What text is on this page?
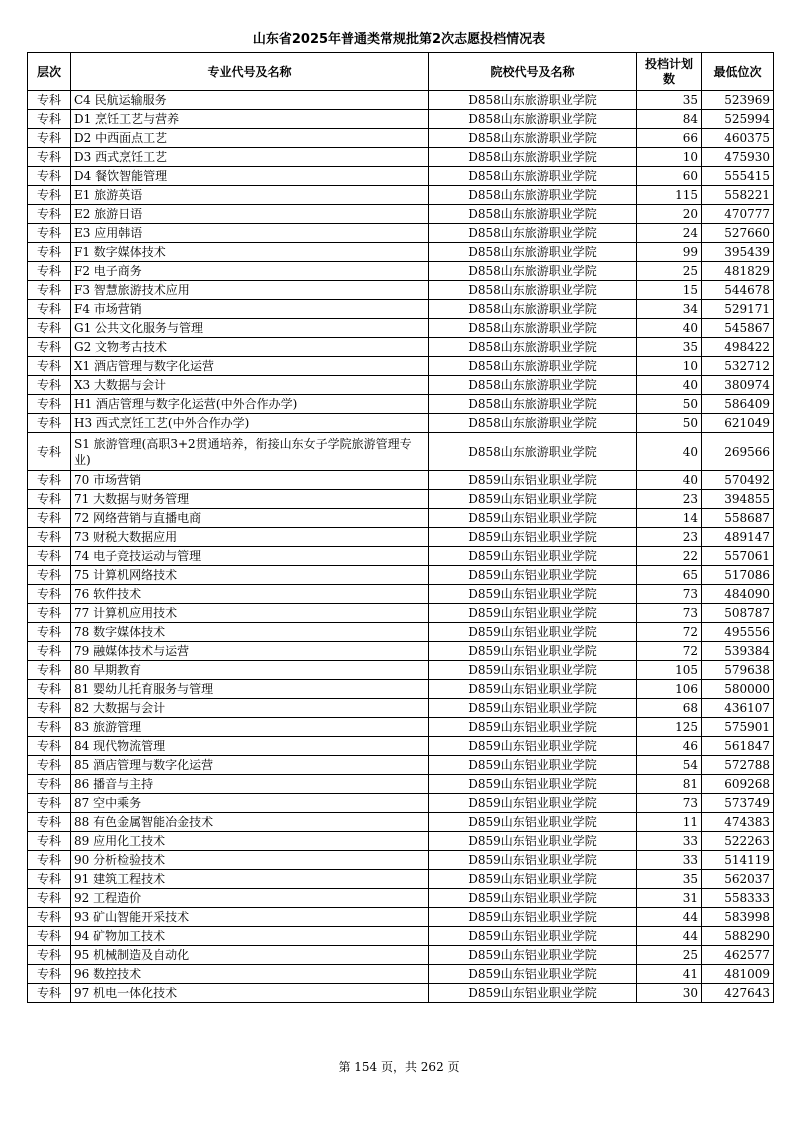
山东省2025年普通类常规批第2次志愿投档情况表
层次	专业代号及名称	院校代号及名称	投档计划数	最低位次
专科	C4 民航运输服务	D858山东旅游职业学院	35	523969
专科	D1 烹饪工艺与营养	D858山东旅游职业学院	84	525994
专科	D2 中西面点工艺	D858山东旅游职业学院	66	460375
专科	D3 西式烹饪工艺	D858山东旅游职业学院	10	475930
专科	D4 餐饮智能管理	D858山东旅游职业学院	60	555415
专科	E1 旅游英语	D858山东旅游职业学院	115	558221
专科	E2 旅游日语	D858山东旅游职业学院	20	470777
专科	E3 应用韩语	D858山东旅游职业学院	24	527660
专科	F1 数字媒体技术	D858山东旅游职业学院	99	395439
专科	F2 电子商务	D858山东旅游职业学院	25	481829
专科	F3 智慧旅游技术应用	D858山东旅游职业学院	15	544678
专科	F4 市场营销	D858山东旅游职业学院	34	529171
专科	G1 公共文化服务与管理	D858山东旅游职业学院	40	545867
专科	G2 文物考古技术	D858山东旅游职业学院	35	498422
专科	X1 酒店管理与数字化运营	D858山东旅游职业学院	10	532712
专科	X3 大数据与会计	D858山东旅游职业学院	40	380974
专科	H1 酒店管理与数字化运营(中外合作办学)	D858山东旅游职业学院	50	586409
专科	H3 西式烹饪工艺(中外合作办学)	D858山东旅游职业学院	50	621049
专科	S1 旅游管理(高职3+2贯通培养，衔接山东女子学院旅游管理专业)	D858山东旅游职业学院	40	269566
专科	70 市场营销	D859山东铝业职业学院	40	570492
专科	71 大数据与财务管理	D859山东铝业职业学院	23	394855
专科	72 网络营销与直播电商	D859山东铝业职业学院	14	558687
专科	73 财税大数据应用	D859山东铝业职业学院	23	489147
专科	74 电子竞技运动与管理	D859山东铝业职业学院	22	557061
专科	75 计算机网络技术	D859山东铝业职业学院	65	517086
专科	76 软件技术	D859山东铝业职业学院	73	484090
专科	77 计算机应用技术	D859山东铝业职业学院	73	508787
专科	78 数字媒体技术	D859山东铝业职业学院	72	495556
专科	79 融媒体技术与运营	D859山东铝业职业学院	72	539384
专科	80 早期教育	D859山东铝业职业学院	105	579638
专科	81 婴幼儿托育服务与管理	D859山东铝业职业学院	106	580000
专科	82 大数据与会计	D859山东铝业职业学院	68	436107
专科	83 旅游管理	D859山东铝业职业学院	125	575901
专科	84 现代物流管理	D859山东铝业职业学院	46	561847
专科	85 酒店管理与数字化运营	D859山东铝业职业学院	54	572788
专科	86 播音与主持	D859山东铝业职业学院	81	609268
专科	87 空中乘务	D859山东铝业职业学院	73	573749
专科	88 有色金属智能冶金技术	D859山东铝业职业学院	11	474383
专科	89 应用化工技术	D859山东铝业职业学院	33	522263
专科	90 分析检验技术	D859山东铝业职业学院	33	514119
专科	91 建筑工程技术	D859山东铝业职业学院	35	562037
专科	92 工程造价	D859山东铝业职业学院	31	558333
专科	93 矿山智能开采技术	D859山东铝业职业学院	44	583998
专科	94 矿物加工技术	D859山东铝业职业学院	44	588290
专科	95 机械制造及自动化	D859山东铝业职业学院	25	462577
专科	96 数控技术	D859山东铝业职业学院	41	481009
专科	97 机电一体化技术	D859山东铝业职业学院	30	427643
第 154 页，共 262 页
